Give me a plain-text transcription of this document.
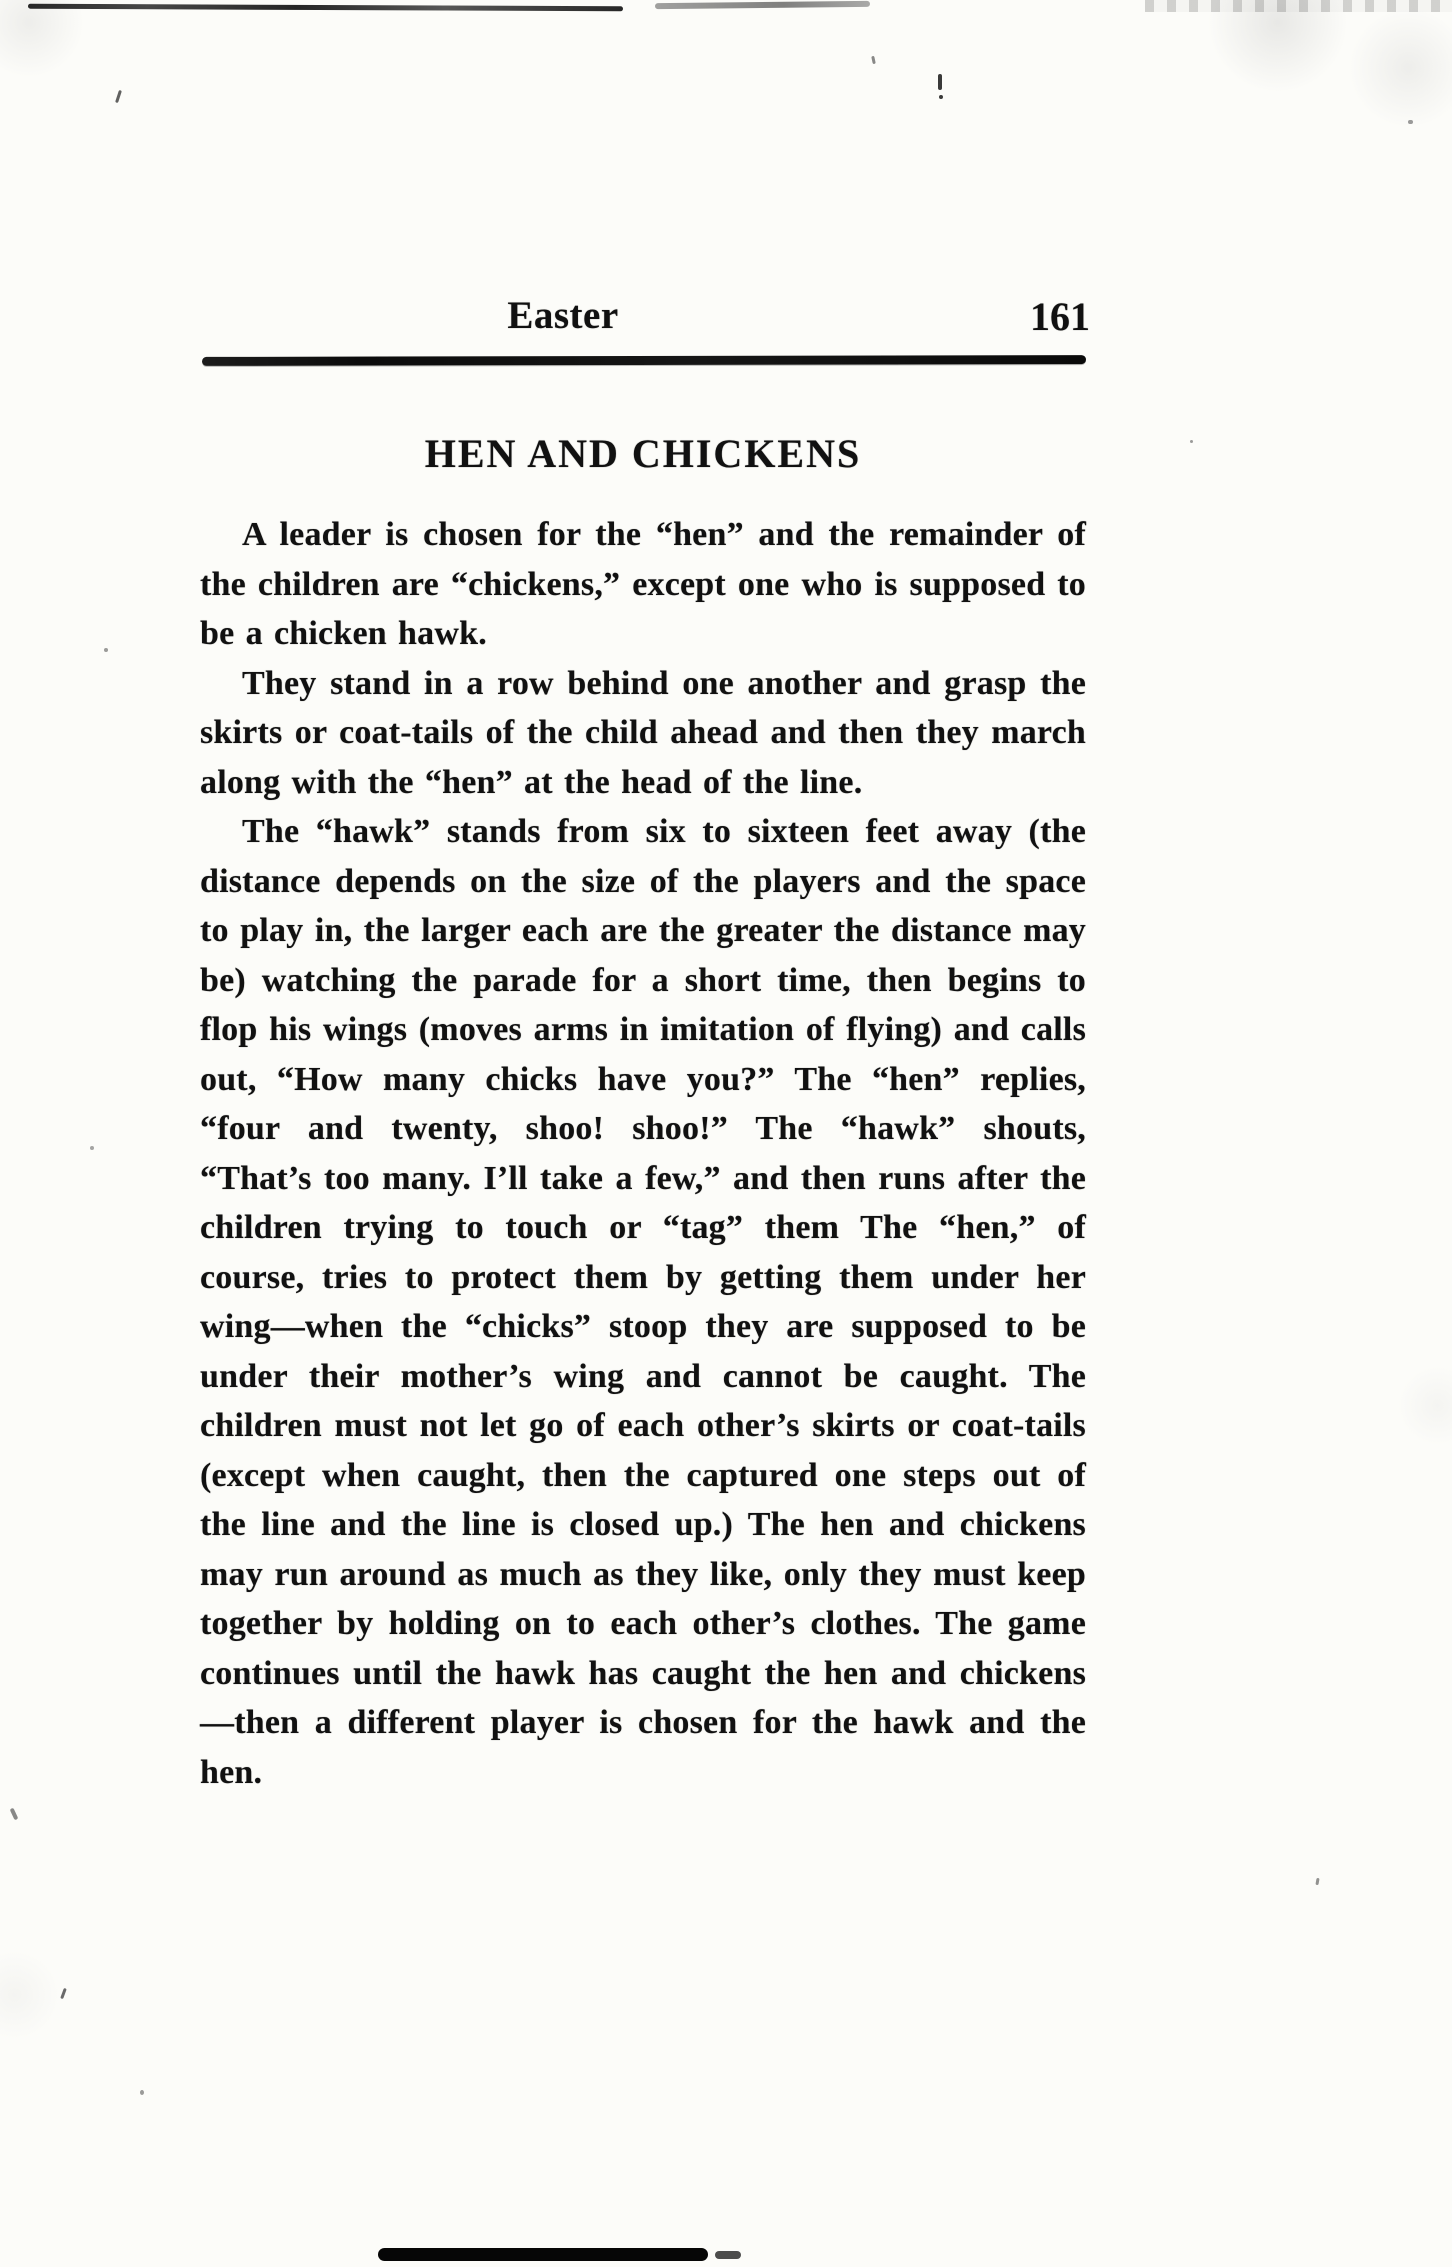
Easter	161
HEN AND CHICKENS

A leader is chosen for the “hen” and the remainder of the children are “chickens,” except one who is supposed to be a chicken hawk.

They stand in a row behind one another and grasp the skirts or coat-tails of the child ahead and then they march along with the “hen” at the head of the line.

The “hawk” stands from six to sixteen feet away (the distance depends on the size of the players and the space to play in, the larger each are the greater the distance may be) watching the parade for a short time, then begins to flop his wings (moves arms in imitation of flying) and calls out, “How many chicks have you?” The “hen” replies, “four and twenty, shoo! shoo!” The “hawk” shouts, “That’s too many. I’ll take a few,” and then runs after the children trying to touch or “tag” them The “hen,” of course, tries to protect them by getting them under her wing—when the “chicks” stoop they are supposed to be under their mother’s wing and cannot be caught. The children must not let go of each other’s skirts or coat-tails (except when caught, then the captured one steps out of the line and the line is closed up.) The hen and chickens may run around as much as they like, only they must keep together by holding on to each other’s clothes. The game continues until the hawk has caught the hen and chickens—then a different player is chosen for the hawk and the hen.
